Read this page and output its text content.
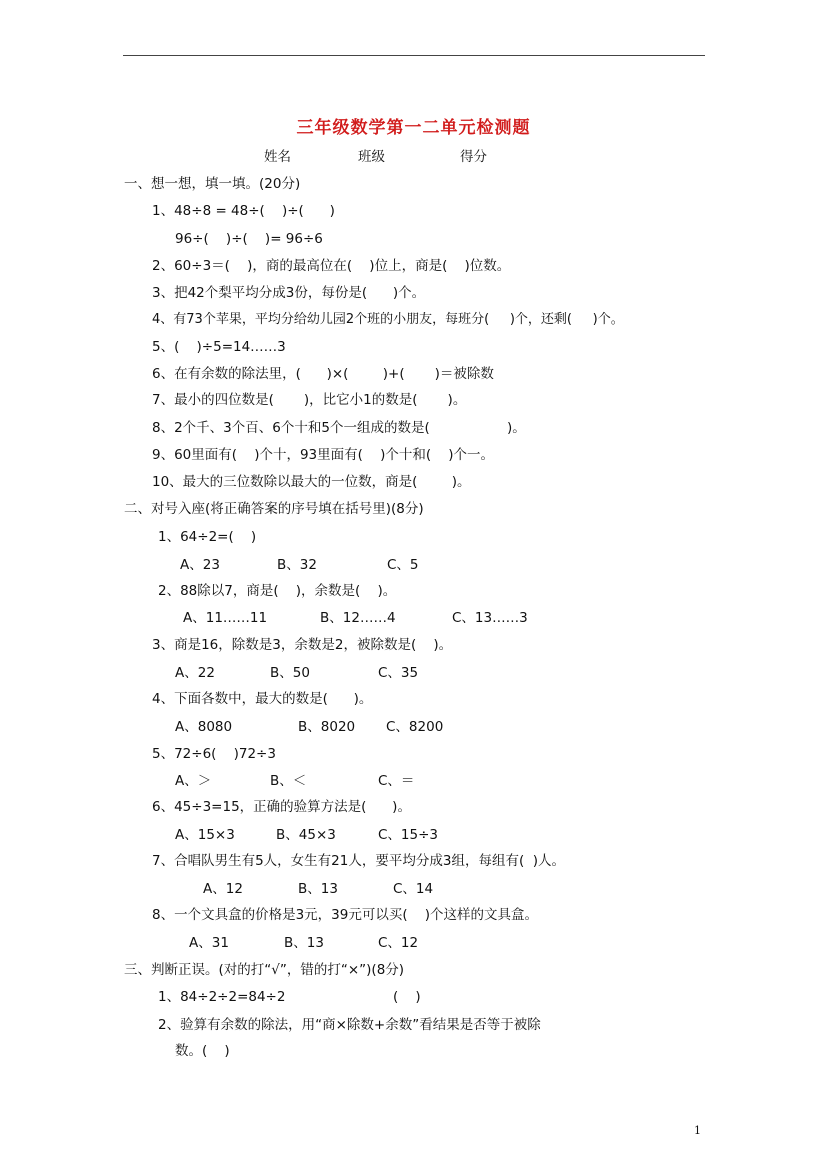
三年级数学第一二单元检测题
姓名	班级	得分
一、想一想，填一填。(20分)
1、48÷8 = 48÷(    )÷(      )
96÷(    )÷(    )= 96÷6
2、60÷3＝(    )，商的最高位在(    )位上，商是(    )位数。
3、把42个梨平均分成3份，每份是(      )个。
4、有73个苹果，平均分给幼儿园2个班的小朋友，每班分(     )个，还剩(     )个。
5、(    )÷5=14……3
6、在有余数的除法里，(      )×(        )+(       )＝被除数
7、最小的四位数是(       )，比它小1的数是(       )。
8、2个千、3个百、6个十和5个一组成的数是(                  )。
9、60里面有(    )个十，93里面有(    )个十和(    )个一。
10、最大的三位数除以最大的一位数，商是(        )。
二、对号入座(将正确答案的序号填在括号里)(8分)
1、64÷2=(    )
A、23	B、32	C、5
2、88除以7，商是(    )，余数是(    )。
A、11……11	B、12……4	C、13……3
3、商是16，除数是3，余数是2，被除数是(    )。
A、22	B、50	C、35
4、下面各数中，最大的数是(      )。
A、8080	B、8020 C、8200
5、72÷6(    )72÷3
A、＞	B、＜	C、＝
6、45÷3=15，正确的验算方法是(      )。
A、15×3	B、45×3	C、15÷3
7、合唱队男生有5人，女生有21人，要平均分成3组，每组有(  )人。
A、12	B、13	C、14
8、一个文具盒的价格是3元，39元可以买(    )个这样的文具盒。
A、31	B、13	C、12
三、判断正误。(对的打“√”，错的打“×”)(8分)
1、84÷2÷2=84÷2	(    )
2、验算有余数的除法，用“商×除数+余数”看结果是否等于被除
数。(    )
1
